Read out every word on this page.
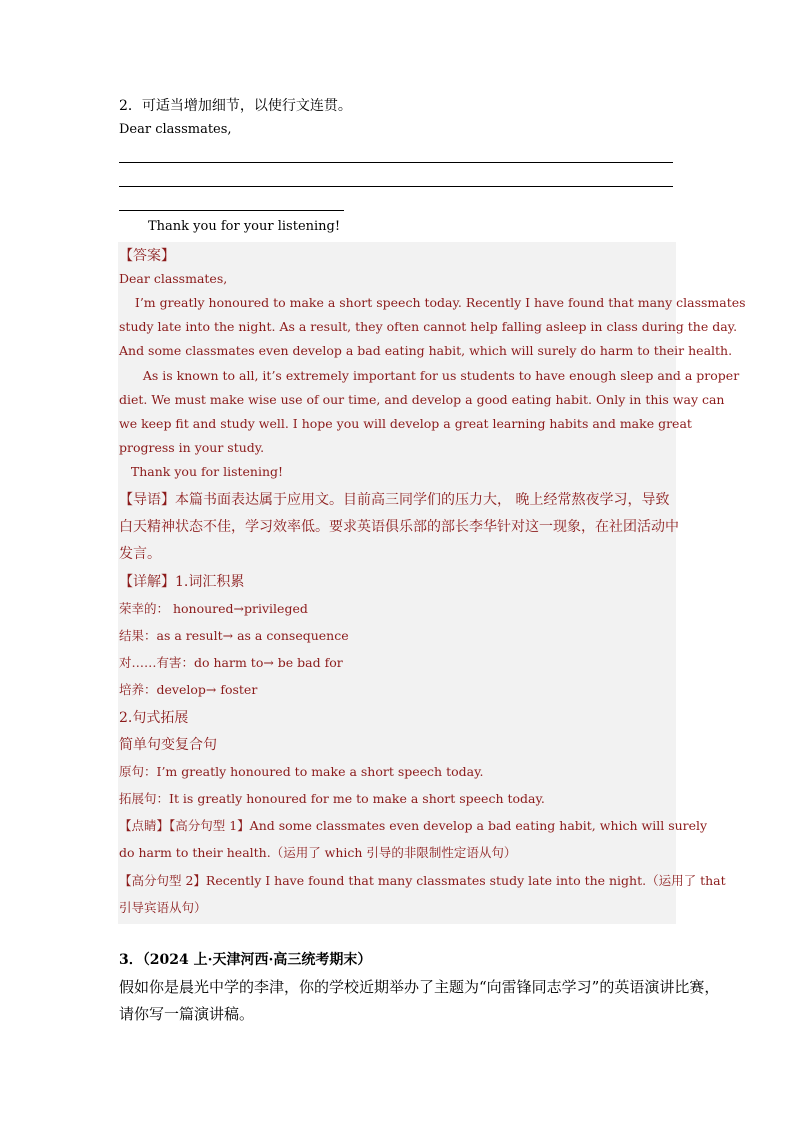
2．可适当增加细节，以使行文连贯。
Dear classmates,
Thank you for your listening!
【答案】
Dear classmates,
I’m greatly honoured to make a short speech today. Recently I have found that many classmates
study late into the night. As a result, they often cannot help falling asleep in class during the day.
And some classmates even develop a bad eating habit, which will surely do harm to their health.
As is known to all, it’s extremely important for us students to have enough sleep and a proper
diet. We must make wise use of our time, and develop a good eating habit. Only in this way can
we keep fit and study well. I hope you will develop a great learning habits and make great
progress in your study.
Thank you for listening!
【导语】本篇书面表达属于应用文。目前高三同学们的压力大， 晚上经常熬夜学习，导致
白天精神状态不佳，学习效率低。要求英语俱乐部的部长李华针对这一现象，在社团活动中
发言。
【详解】1.词汇积累
荣幸的： honoured→privileged
结果：as a result→ as a consequence
对……有害：do harm to→ be bad for
培养：develop→ foster
2.句式拓展
简单句变复合句
原句：I’m greatly honoured to make a short speech today.
拓展句：It is greatly honoured for me to make a short speech today.
【点睛】【高分句型 1】And some classmates even develop a bad eating habit, which will surely
do harm to their health.（运用了 which 引导的非限制性定语从句）
【高分句型 2】Recently I have found that many classmates study late into the night.（运用了 that
引导宾语从句）
3．（2024 上·天津河西·高三统考期末）
假如你是晨光中学的李津，你的学校近期举办了主题为“向雷锋同志学习”的英语演讲比赛，
请你写一篇演讲稿。
